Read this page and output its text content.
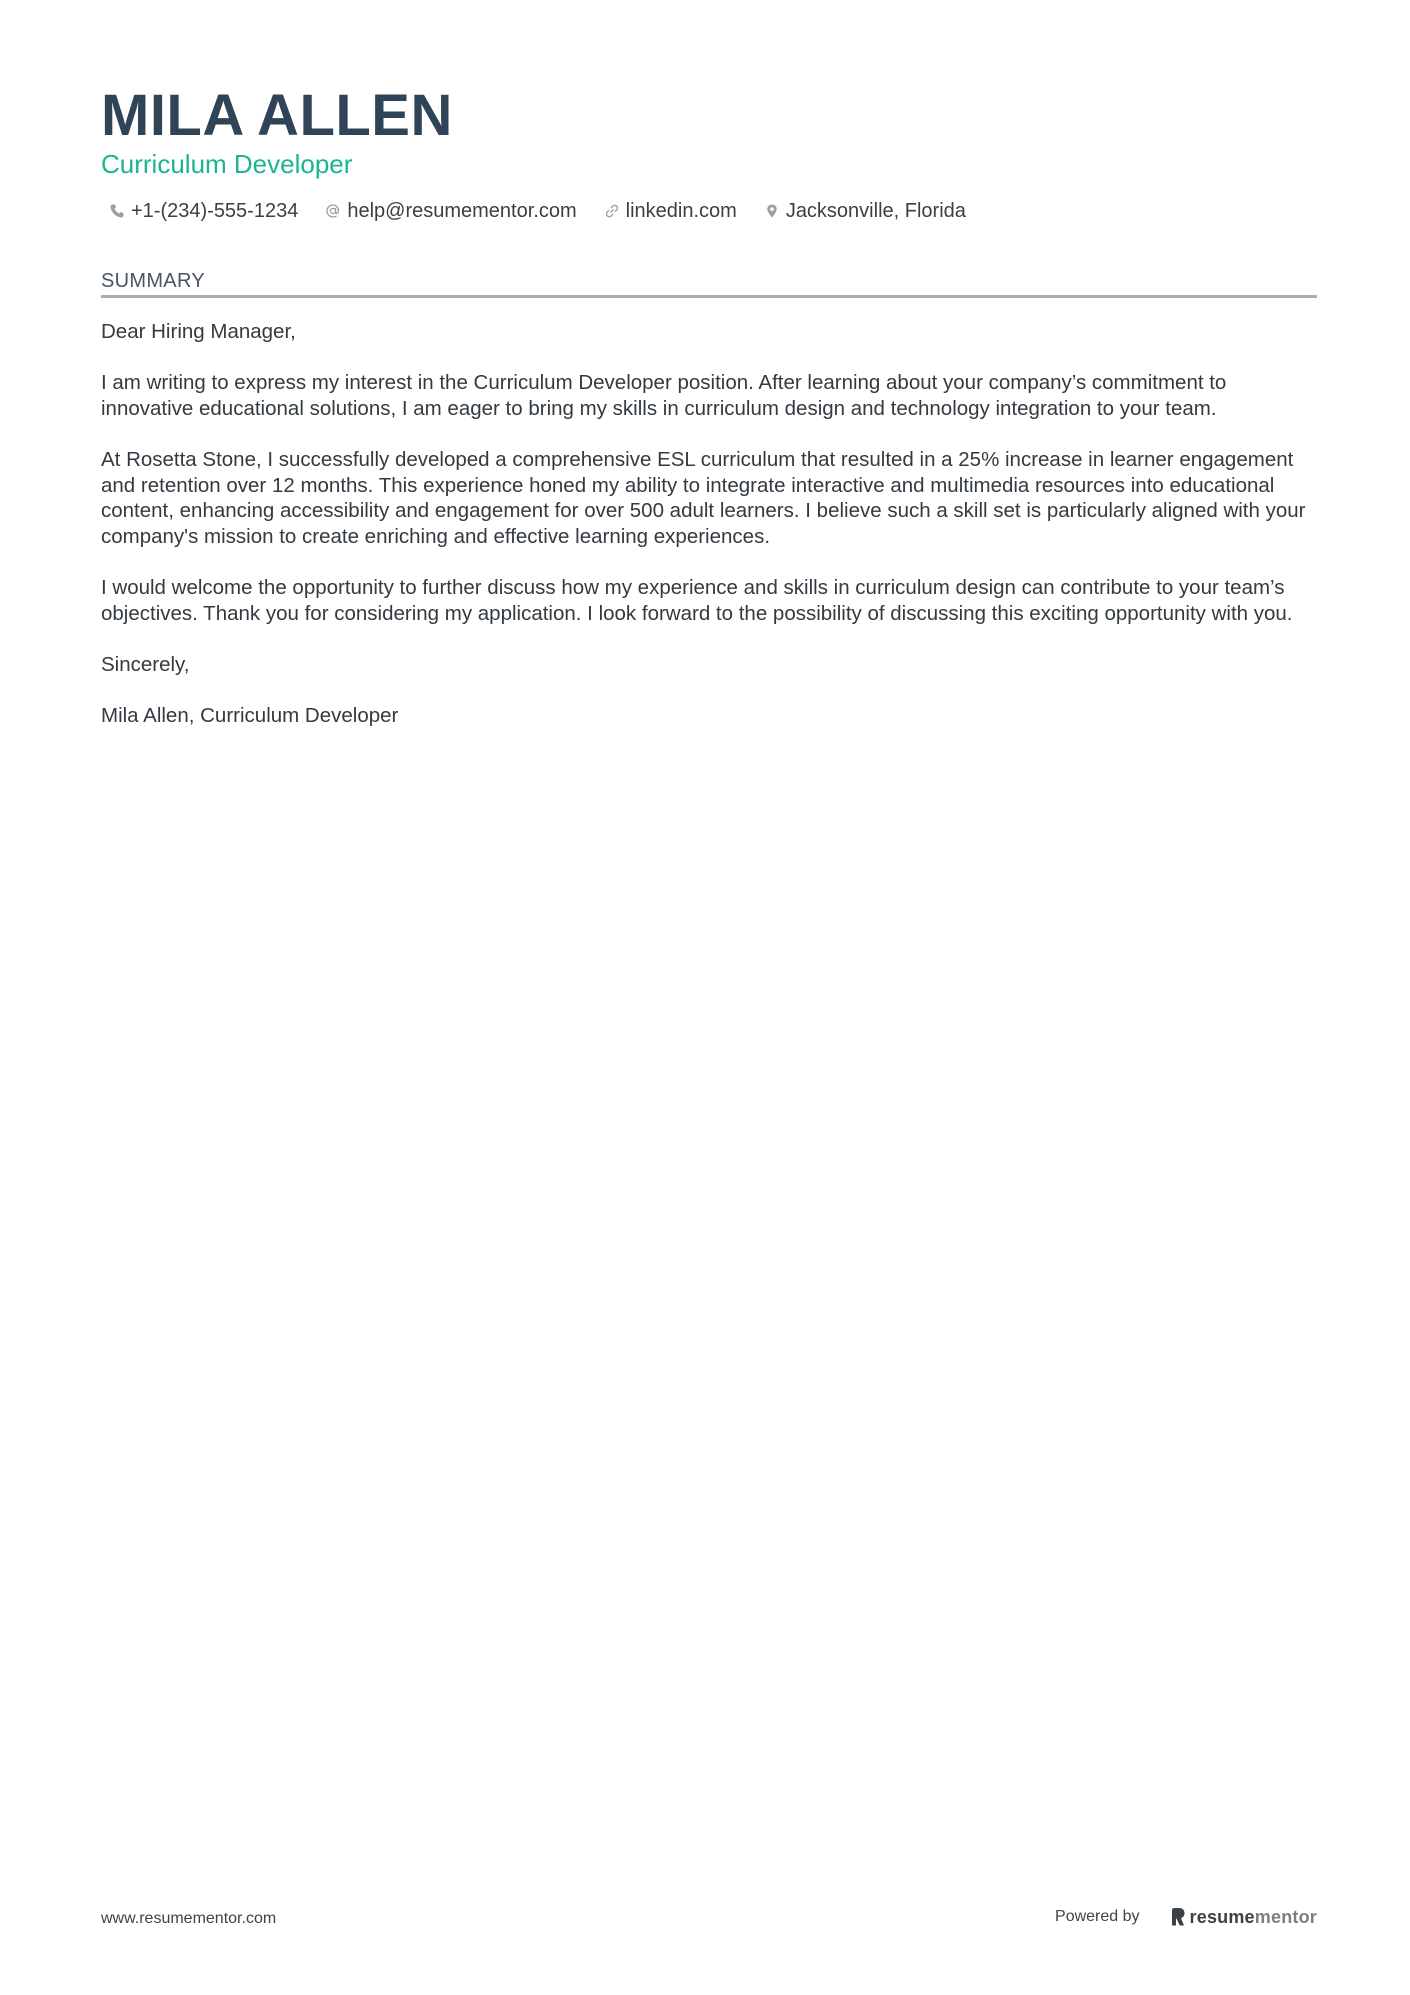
MILA ALLEN
Curriculum Developer
+1-(234)-555-1234 help@resumementor.com linkedin.com Jacksonville, Florida
SUMMARY

Dear Hiring Manager,

I am writing to express my interest in the Curriculum Developer position. After learning about your company’s commitment to innovative educational solutions, I am eager to bring my skills in curriculum design and technology integration to your team.

At Rosetta Stone, I successfully developed a comprehensive ESL curriculum that resulted in a 25% increase in learner engagement and retention over 12 months. This experience honed my ability to integrate interactive and multimedia resources into educational content, enhancing accessibility and engagement for over 500 adult learners. I believe such a skill set is particularly aligned with your company's mission to create enriching and effective learning experiences.

I would welcome the opportunity to further discuss how my experience and skills in curriculum design can contribute to your team’s objectives. Thank you for considering my application. I look forward to the possibility of discussing this exciting opportunity with you.

Sincerely,

Mila Allen, Curriculum Developer

www.resumementor.com	Powered by	resumementor
